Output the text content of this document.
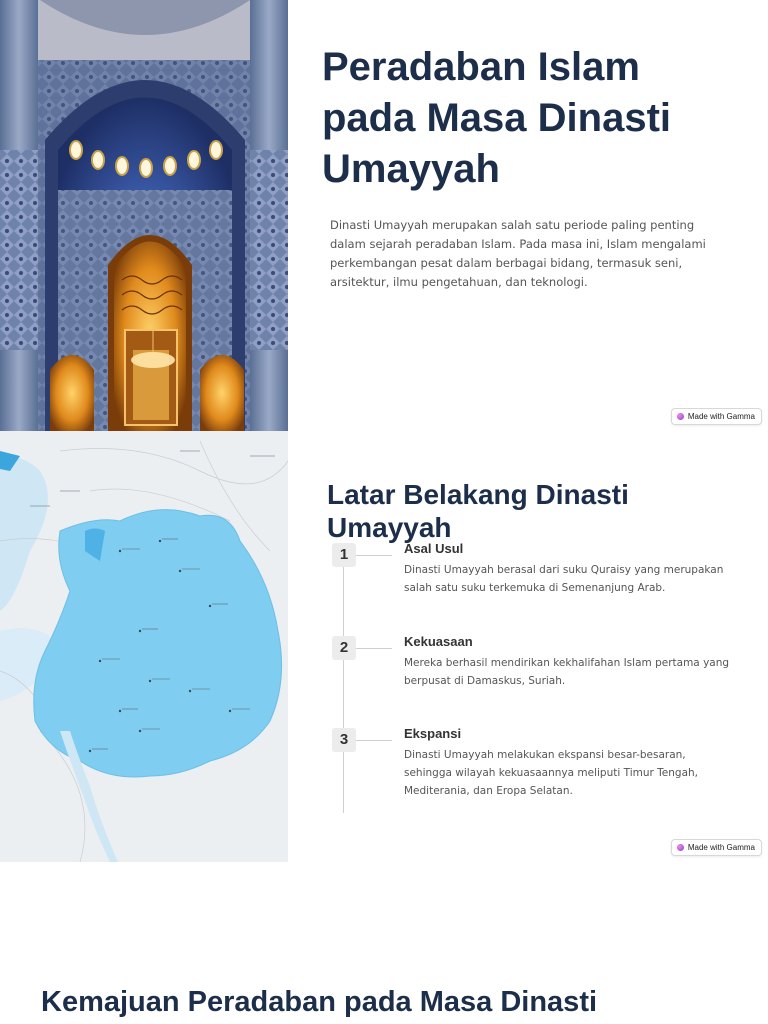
Peradaban Islam pada Masa Dinasti Umayyah

Dinasti Umayyah merupakan salah satu periode paling penting dalam sejarah peradaban Islam. Pada masa ini, Islam mengalami perkembangan pesat dalam berbagai bidang, termasuk seni, arsitektur, ilmu pengetahuan, dan teknologi.

Made with Gamma
Latar Belakang Dinasti Umayyah
1	Asal Usul
Dinasti Umayyah berasal dari suku Quraisy yang merupakan salah satu suku terkemuka di Semenanjung Arab.
2	Kekuasaan
Mereka berhasil mendirikan kekhalifahan Islam pertama yang berpusat di Damaskus, Suriah.
3	Ekspansi
Dinasti Umayyah melakukan ekspansi besar-besaran, sehingga wilayah kekuasaannya meliputi Timur Tengah, Mediterania, dan Eropa Selatan.
Made with Gamma
Kemajuan Peradaban pada Masa Dinasti
